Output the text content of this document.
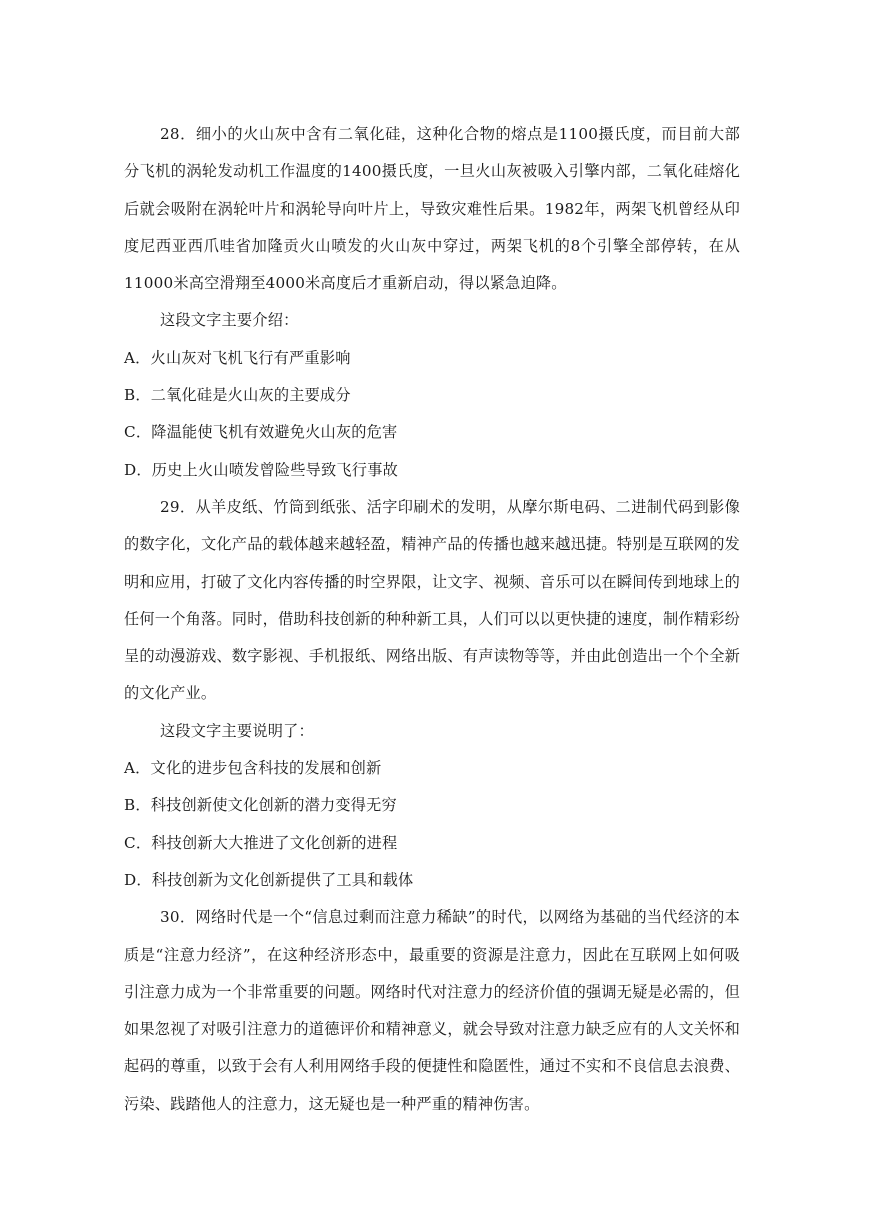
28．细小的火山灰中含有二氧化硅，这种化合物的熔点是1100摄氏度，而目前大部分飞机的涡轮发动机工作温度的1400摄氏度，一旦火山灰被吸入引擎内部，二氧化硅熔化后就会吸附在涡轮叶片和涡轮导向叶片上，导致灾难性后果。1982年，两架飞机曾经从印度尼西亚西爪哇省加隆贡火山喷发的火山灰中穿过，两架飞机的8个引擎全部停转，在从11000米高空滑翔至4000米高度后才重新启动，得以紧急迫降。

这段文字主要介绍：

A．火山灰对飞机飞行有严重影响

B．二氧化硅是火山灰的主要成分

C．降温能使飞机有效避免火山灰的危害

D．历史上火山喷发曾险些导致飞行事故

29．从羊皮纸、竹筒到纸张、活字印刷术的发明，从摩尔斯电码、二进制代码到影像的数字化，文化产品的载体越来越轻盈，精神产品的传播也越来越迅捷。特别是互联网的发明和应用，打破了文化内容传播的时空界限，让文字、视频、音乐可以在瞬间传到地球上的任何一个角落。同时，借助科技创新的种种新工具，人们可以以更快捷的速度，制作精彩纷呈的动漫游戏、数字影视、手机报纸、网络出版、有声读物等等，并由此创造出一个个全新的文化产业。

这段文字主要说明了：

A．文化的进步包含科技的发展和创新

B．科技创新使文化创新的潜力变得无穷

C．科技创新大大推进了文化创新的进程

D．科技创新为文化创新提供了工具和载体

30．网络时代是一个“信息过剩而注意力稀缺”的时代，以网络为基础的当代经济的本质是“注意力经济”，在这种经济形态中，最重要的资源是注意力，因此在互联网上如何吸引注意力成为一个非常重要的问题。网络时代对注意力的经济价值的强调无疑是必需的，但如果忽视了对吸引注意力的道德评价和精神意义，就会导致对注意力缺乏应有的人文关怀和起码的尊重，以致于会有人利用网络手段的便捷性和隐匿性，通过不实和不良信息去浪费、污染、践踏他人的注意力，这无疑也是一种严重的精神伤害。
